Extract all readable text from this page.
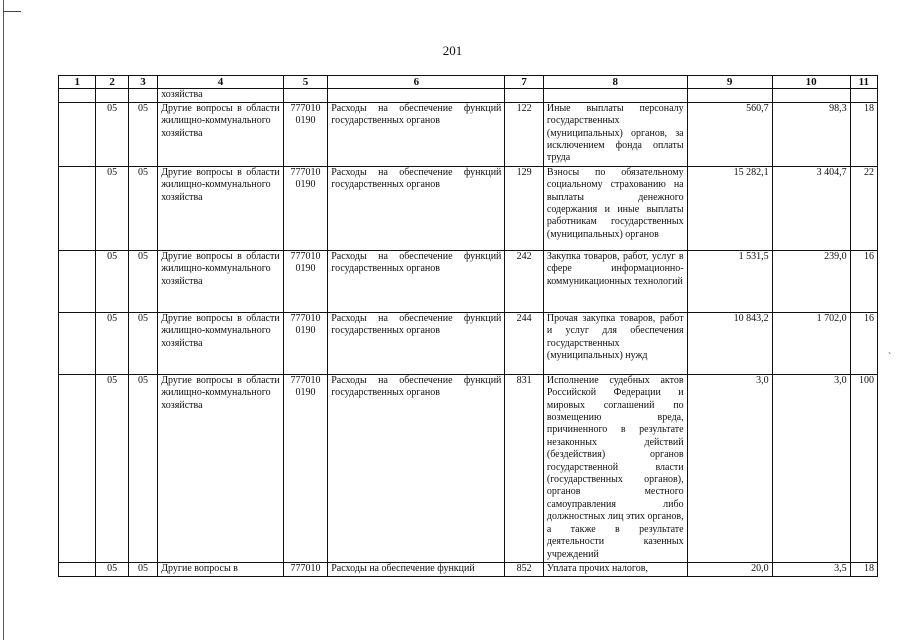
201
`
1	2	3	4	5	6	7	8	9	10	11
			хозяйства							
	05	05	Другие вопросы в области жилищно-коммунального хозяйства	777010 0190	Расходы на обеспечение функций государственных органов	122	Иные выплаты персоналу государственных (муниципальных) органов, за исключением фонда оплаты труда	560,7	98,3	18
	05	05	Другие вопросы в области жилищно-коммунального хозяйства	777010 0190	Расходы на обеспечение функций государственных органов	129	Взносы по обязательному социальному страхованию на выплаты денежного содержания и иные выплаты работникам государственных (муниципальных) органов	15 282,1	3 404,7	22
	05	05	Другие вопросы в области жилищно-коммунального хозяйства	777010 0190	Расходы на обеспечение функций государственных органов	242	Закупка товаров, работ, услуг в сфере информационно-коммуникационных технологий	1 531,5	239,0	16
	05	05	Другие вопросы в области жилищно-коммунального хозяйства	777010 0190	Расходы на обеспечение функций государственных органов	244	Прочая закупка товаров, работ и услуг для обеспечения государственных (муниципальных) нужд	10 843,2	1 702,0	16
	05	05	Другие вопросы в области жилищно-коммунального хозяйства	777010 0190	Расходы на обеспечение функций государственных органов	831	Исполнение судебных актов Российской Федерации и мировых соглашений по возмещению вреда, причиненного в результате незаконных действий (бездействия) органов государственной власти (государственных органов), органов местного самоуправления либо должностных лиц этих органов, а также в результате деятельности казенных учреждений	3,0	3,0	100
	05	05	Другие вопросы в	777010	Расходы на обеспечение функций	852	Уплата прочих налогов,	20,0	3,5	18
